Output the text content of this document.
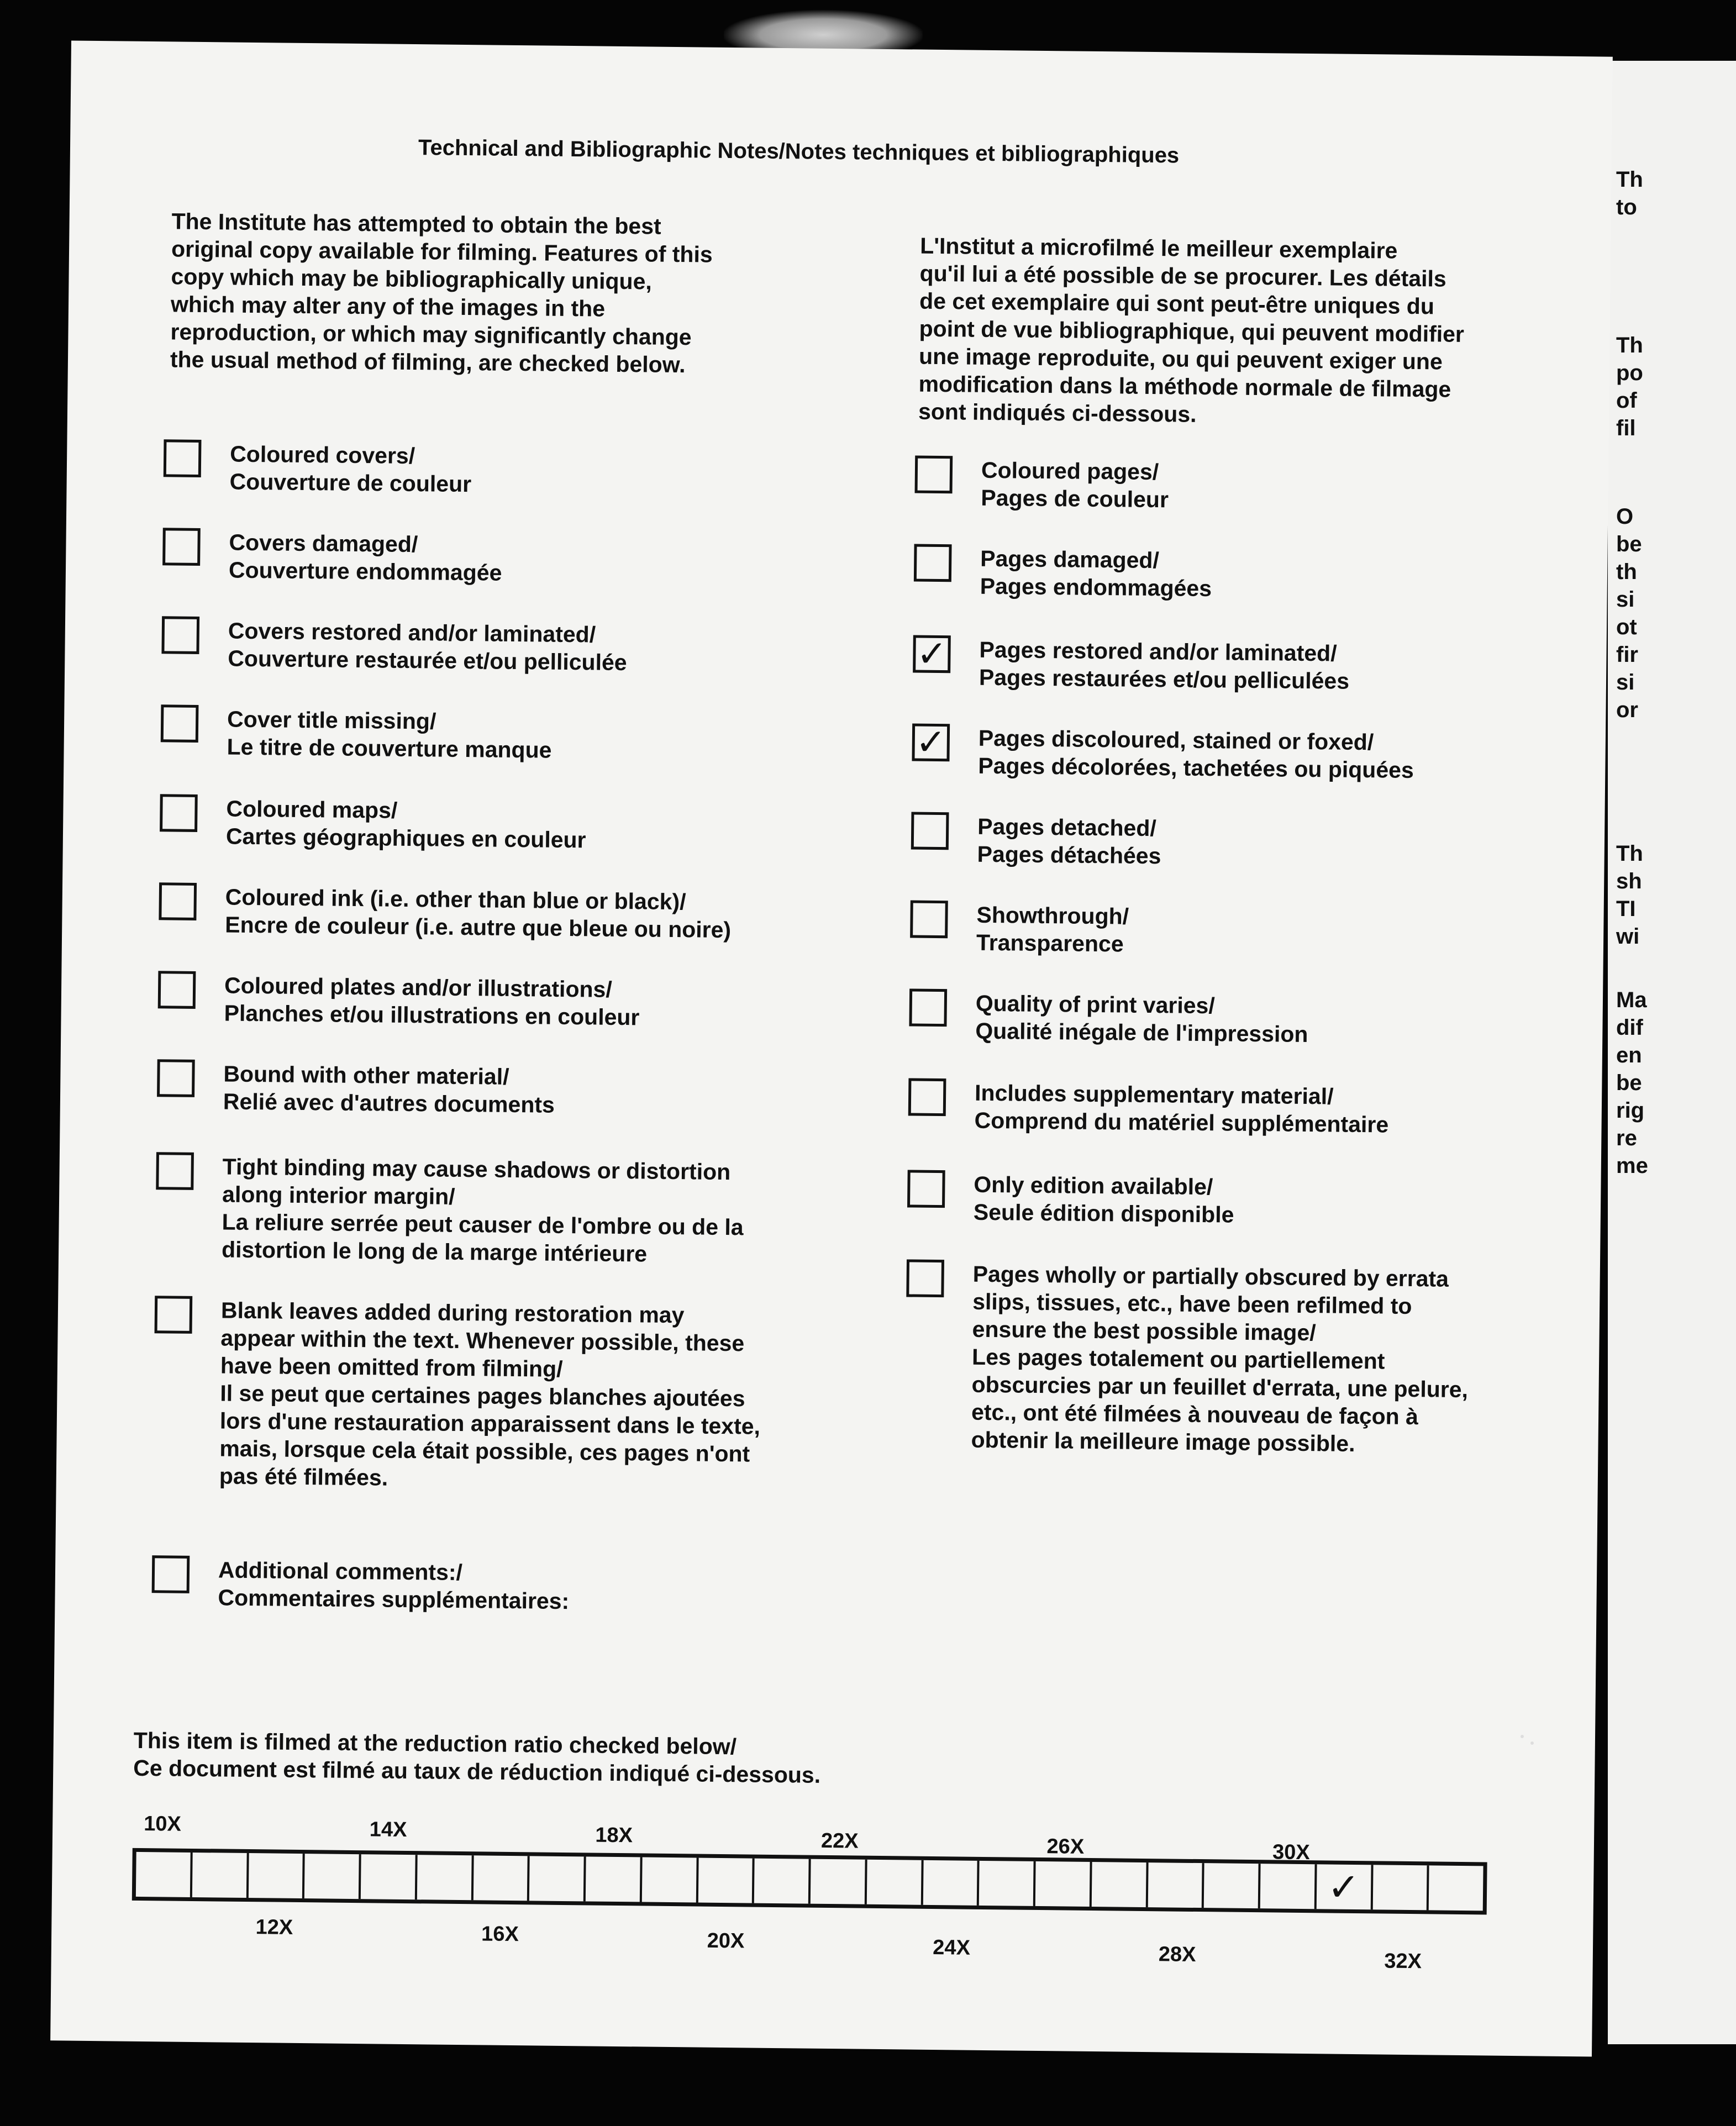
Technical and Bibliographic Notes/Notes techniques et bibliographiques
The Institute has attempted to obtain the best
original copy available for filming. Features of this
copy which may be bibliographically unique,
which may alter any of the images in the
reproduction, or which may significantly change
the usual method of filming, are checked below.
L'Institut a microfilmé le meilleur exemplaire
qu'il lui a été possible de se procurer. Les détails
de cet exemplaire qui sont peut-être uniques du
point de vue bibliographique, qui peuvent modifier
une image reproduite, ou qui peuvent exiger une
modification dans la méthode normale de filmage
sont indiqués ci-dessous.
Coloured covers/
Couverture de couleur
Covers damaged/
Couverture endommagée
Covers restored and/or laminated/
Couverture restaurée et/ou pelliculée
Cover title missing/
Le titre de couverture manque
Coloured maps/
Cartes géographiques en couleur
Coloured ink (i.e. other than blue or black)/
Encre de couleur (i.e. autre que bleue ou noire)
Coloured plates and/or illustrations/
Planches et/ou illustrations en couleur
Bound with other material/
Relié avec d'autres documents
Tight binding may cause shadows or distortion
along interior margin/
La reliure serrée peut causer de l'ombre ou de la
distortion le long de la marge intérieure
Blank leaves added during restoration may
appear within the text. Whenever possible, these
have been omitted from filming/
Il se peut que certaines pages blanches ajoutées
lors d'une restauration apparaissent dans le texte,
mais, lorsque cela était possible, ces pages n'ont
pas été filmées.
Additional comments:/
Commentaires supplémentaires:
Coloured pages/
Pages de couleur
Pages damaged/
Pages endommagées
✓ Pages restored and/or laminated/
Pages restaurées et/ou pelliculées
✓ Pages discoloured, stained or foxed/
Pages décolorées, tachetées ou piquées
Pages detached/
Pages détachées
Showthrough/
Transparence
Quality of print varies/
Qualité inégale de l'impression
Includes supplementary material/
Comprend du matériel supplémentaire
Only edition available/
Seule édition disponible
Pages wholly or partially obscured by errata
slips, tissues, etc., have been refilmed to
ensure the best possible image/
Les pages totalement ou partiellement
obscurcies par un feuillet d'errata, une pelure,
etc., ont été filmées à nouveau de façon à
obtenir la meilleure image possible.
This item is filmed at the reduction ratio checked below/
Ce document est filmé au taux de réduction indiqué ci-dessous.
10X	14X	18X	22X	26X	30X
12X	16X	20X	24X	28X	32X
✓
Th
to
Th
po
of
fil
O
be
th
si
ot
fir
si
or
Th
sh
TI
wi
Ma
dif
en
be
rig
re
me
